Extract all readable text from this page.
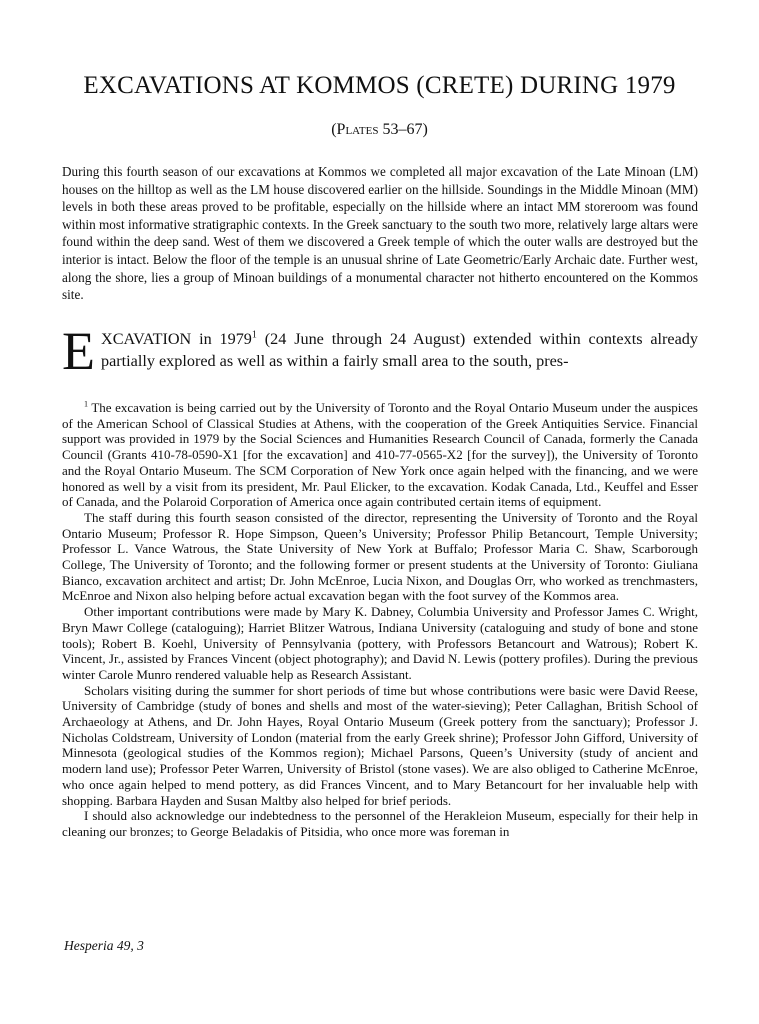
EXCAVATIONS AT KOMMOS (CRETE) DURING 1979

(Plates 53–67)

During this fourth season of our excavations at Kommos we completed all major excavation of the Late Minoan (LM) houses on the hilltop as well as the LM house discovered earlier on the hillside. Soundings in the Middle Minoan (MM) levels in both these areas proved to be profitable, especially on the hillside where an intact MM storeroom was found within most informative stratigraphic contexts. In the Greek sanctuary to the south two more, relatively large altars were found within the deep sand. West of them we discovered a Greek temple of which the outer walls are destroyed but the interior is intact. Below the floor of the temple is an unusual shrine of Late Geometric/Early Archaic date. Further west, along the shore, lies a group of Minoan buildings of a monumental character not hitherto encountered on the Kommos site.

EXCAVATION in 1979$^1$ (24 June through 24 August) extended within contexts already partially explored as well as within a fairly small area to the south, pres-

$^1$ The excavation is being carried out by the University of Toronto and the Royal Ontario Museum under the auspices of the American School of Classical Studies at Athens, with the cooperation of the Greek Antiquities Service. Financial support was provided in 1979 by the Social Sciences and Humanities Research Council of Canada, formerly the Canada Council (Grants 410-78-0590-X1 [for the excavation] and 410-77-0565-X2 [for the survey]), the University of Toronto and the Royal Ontario Museum. The SCM Corporation of New York once again helped with the financing, and we were honored as well by a visit from its president, Mr. Paul Elicker, to the excavation. Kodak Canada, Ltd., Keuffel and Esser of Canada, and the Polaroid Corporation of America once again contributed certain items of equipment.

The staff during this fourth season consisted of the director, representing the University of Toronto and the Royal Ontario Museum; Professor R. Hope Simpson, Queen’s University; Professor Philip Betancourt, Temple University; Professor L. Vance Watrous, the State University of New York at Buffalo; Professor Maria C. Shaw, Scarborough College, The University of Toronto; and the following former or present students at the University of Toronto: Giuliana Bianco, excavation architect and artist; Dr. John McEnroe, Lucia Nixon, and Douglas Orr, who worked as trenchmasters, McEnroe and Nixon also helping before actual excavation began with the foot survey of the Kommos area.

Other important contributions were made by Mary K. Dabney, Columbia University and Professor James C. Wright, Bryn Mawr College (cataloguing); Harriet Blitzer Watrous, Indiana University (cataloguing and study of bone and stone tools); Robert B. Koehl, University of Pennsylvania (pottery, with Professors Betancourt and Watrous); Robert K. Vincent, Jr., assisted by Frances Vincent (object photography); and David N. Lewis (pottery profiles). During the previous winter Carole Munro rendered valuable help as Research Assistant.

Scholars visiting during the summer for short periods of time but whose contributions were basic were David Reese, University of Cambridge (study of bones and shells and most of the water-sieving); Peter Callaghan, British School of Archaeology at Athens, and Dr. John Hayes, Royal Ontario Museum (Greek pottery from the sanctuary); Professor J. Nicholas Coldstream, University of London (material from the early Greek shrine); Professor John Gifford, University of Minnesota (geological studies of the Kommos region); Michael Parsons, Queen’s University (study of ancient and modern land use); Professor Peter Warren, University of Bristol (stone vases). We are also obliged to Catherine McEnroe, who once again helped to mend pottery, as did Frances Vincent, and to Mary Betancourt for her invaluable help with shopping. Barbara Hayden and Susan Maltby also helped for brief periods.

I should also acknowledge our indebtedness to the personnel of the Herakleion Museum, especially for their help in cleaning our bronzes; to George Beladakis of Pitsidia, who once more was foreman in

Hesperia 49, 3
